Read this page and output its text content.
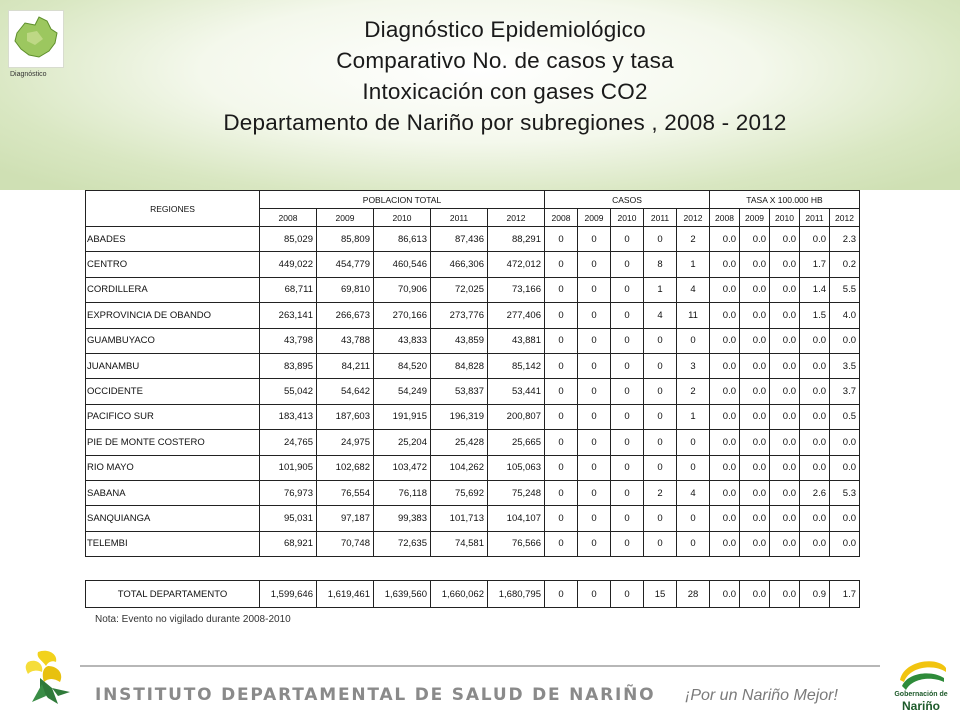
Diagnóstico
Diagnóstico Epidemiológico
Comparativo No. de casos y tasa
Intoxicación con gases CO2
Departamento de Nariño por subregiones , 2008 - 2012
REGIONES	POBLACION TOTAL					CASOS					TASA X 100.000 HB				
	2008	2009	2010	2011	2012	2008	2009	2010	2011	2012	2008	2009	2010	2011	2012
ABADES	85,029	85,809	86,613	87,436	88,291	0	0	0	0	2	0.0	0.0	0.0	0.0	2.3
CENTRO	449,022	454,779	460,546	466,306	472,012	0	0	0	8	1	0.0	0.0	0.0	1.7	0.2
CORDILLERA	68,711	69,810	70,906	72,025	73,166	0	0	0	1	4	0.0	0.0	0.0	1.4	5.5
EXPROVINCIA DE OBANDO	263,141	266,673	270,166	273,776	277,406	0	0	0	4	11	0.0	0.0	0.0	1.5	4.0
GUAMBUYACO	43,798	43,788	43,833	43,859	43,881	0	0	0	0	0	0.0	0.0	0.0	0.0	0.0
JUANAMBU	83,895	84,211	84,520	84,828	85,142	0	0	0	0	3	0.0	0.0	0.0	0.0	3.5
OCCIDENTE	55,042	54,642	54,249	53,837	53,441	0	0	0	0	2	0.0	0.0	0.0	0.0	3.7
PACIFICO SUR	183,413	187,603	191,915	196,319	200,807	0	0	0	0	1	0.0	0.0	0.0	0.0	0.5
PIE DE MONTE COSTERO	24,765	24,975	25,204	25,428	25,665	0	0	0	0	0	0.0	0.0	0.0	0.0	0.0
RIO MAYO	101,905	102,682	103,472	104,262	105,063	0	0	0	0	0	0.0	0.0	0.0	0.0	0.0
SABANA	76,973	76,554	76,118	75,692	75,248	0	0	0	2	4	0.0	0.0	0.0	2.6	5.3
SANQUIANGA	95,031	97,187	99,383	101,713	104,107	0	0	0	0	0	0.0	0.0	0.0	0.0	0.0
TELEMBI	68,921	70,748	72,635	74,581	76,566	0	0	0	0	0	0.0	0.0	0.0	0.0	0.0
TOTAL DEPARTAMENTO	1,599,646	1,619,461	1,639,560	1,660,062	1,680,795	0	0	0	15	28	0.0	0.0	0.0	0.9	1.7
Nota: Evento no vigilado durante 2008-2010
INSTITUTO DEPARTAMENTAL DE SALUD DE NARIÑO ¡Por un Nariño Mejor!	Gobernación de
Nariño
